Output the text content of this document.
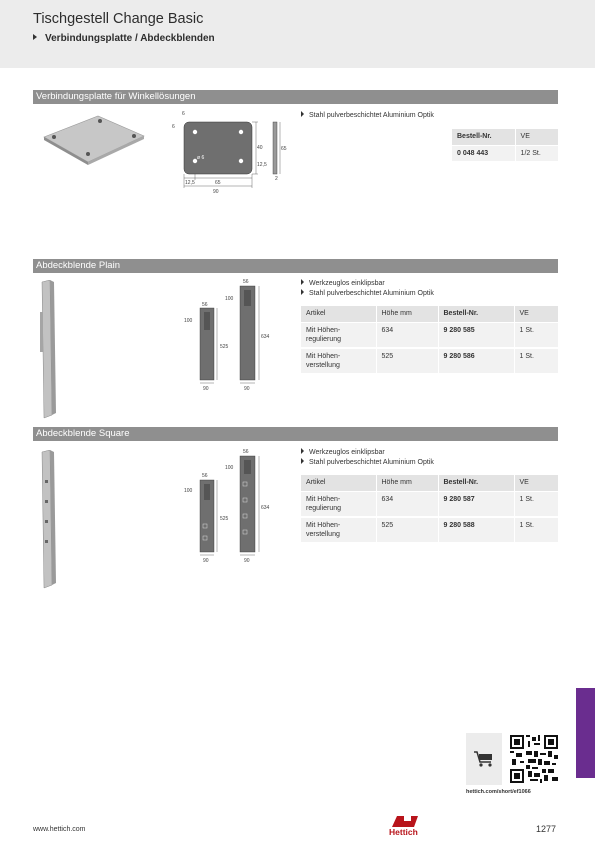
Tischgestell Change Basic
Verbindungsplatte / Abdeckblenden
Verbindungsplatte für Winkellösungen
6
6
40	65
12,5
ø 6
12,5	65
90
2
Stahl pulverbeschichtet Aluminium Optik
Bestell-Nr.	VE
0 048 443	1/2 St.
Abdeckblende Plain
56
100
525
90
56
100
634
90
Werkzeuglos einklipsbar
Stahl pulverbeschichtet Aluminium Optik
Artikel	Höhe mm	Bestell-Nr.	VE
Mit Höhen-
regulierung	634	9 280 585	1 St.
Mit Höhen-
verstellung	525	9 280 586	1 St.
Abdeckblende Square
56
100
525
90
56
100
634
90
Werkzeuglos einklipsbar
Stahl pulverbeschichtet Aluminium Optik
Artikel	Höhe mm	Bestell-Nr.	VE
Mit Höhen-
regulierung	634	9 280 587	1 St.
Mit Höhen-
verstellung	525	9 280 588	1 St.
hettich.com/short/ef1066
www.hettich.com	Hettich	1277
